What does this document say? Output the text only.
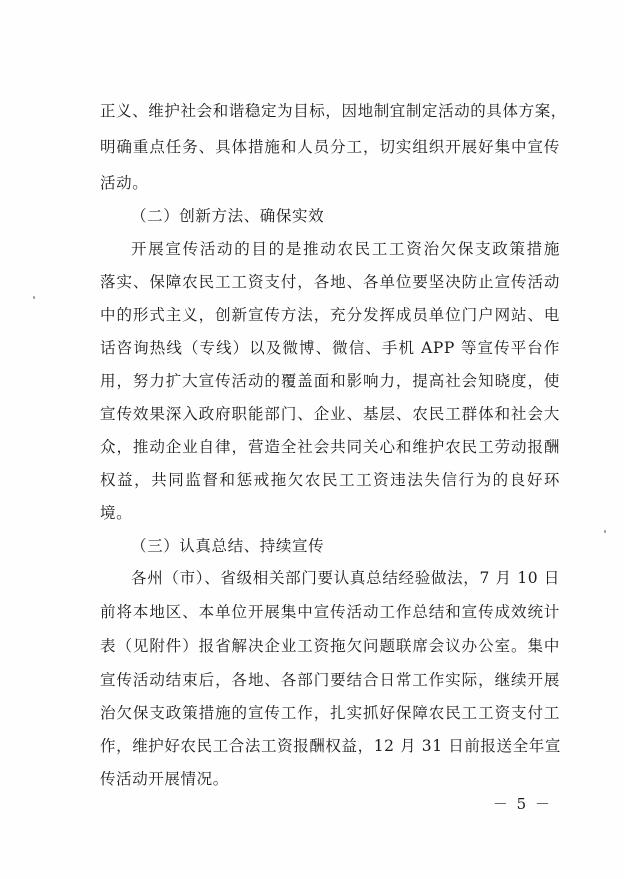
正义、维护社会和谐稳定为目标，因地制宜制定活动的具体方案，
明确重点任务、具体措施和人员分工，切实组织开展好集中宣传
活动。
（二）创新方法、确保实效
开展宣传活动的目的是推动农民工工资治欠保支政策措施
落实、保障农民工工资支付，各地、各单位要坚决防止宣传活动
中的形式主义，创新宣传方法，充分发挥成员单位门户网站、电
话咨询热线（专线）以及微博、微信、手机 APP 等宣传平台作
用，努力扩大宣传活动的覆盖面和影响力，提高社会知晓度，使
宣传效果深入政府职能部门、企业、基层、农民工群体和社会大
众，推动企业自律，营造全社会共同关心和维护农民工劳动报酬
权益，共同监督和惩戒拖欠农民工工资违法失信行为的良好环
境。
（三）认真总结、持续宣传
各州（市）、省级相关部门要认真总结经验做法，7 月 10 日
前将本地区、本单位开展集中宣传活动工作总结和宣传成效统计
表（见附件）报省解决企业工资拖欠问题联席会议办公室。集中
宣传活动结束后，各地、各部门要结合日常工作实际，继续开展
治欠保支政策措施的宣传工作，扎实抓好保障农民工工资支付工
作，维护好农民工合法工资报酬权益，12 月 31 日前报送全年宣
传活动开展情况。
－ 5 －
